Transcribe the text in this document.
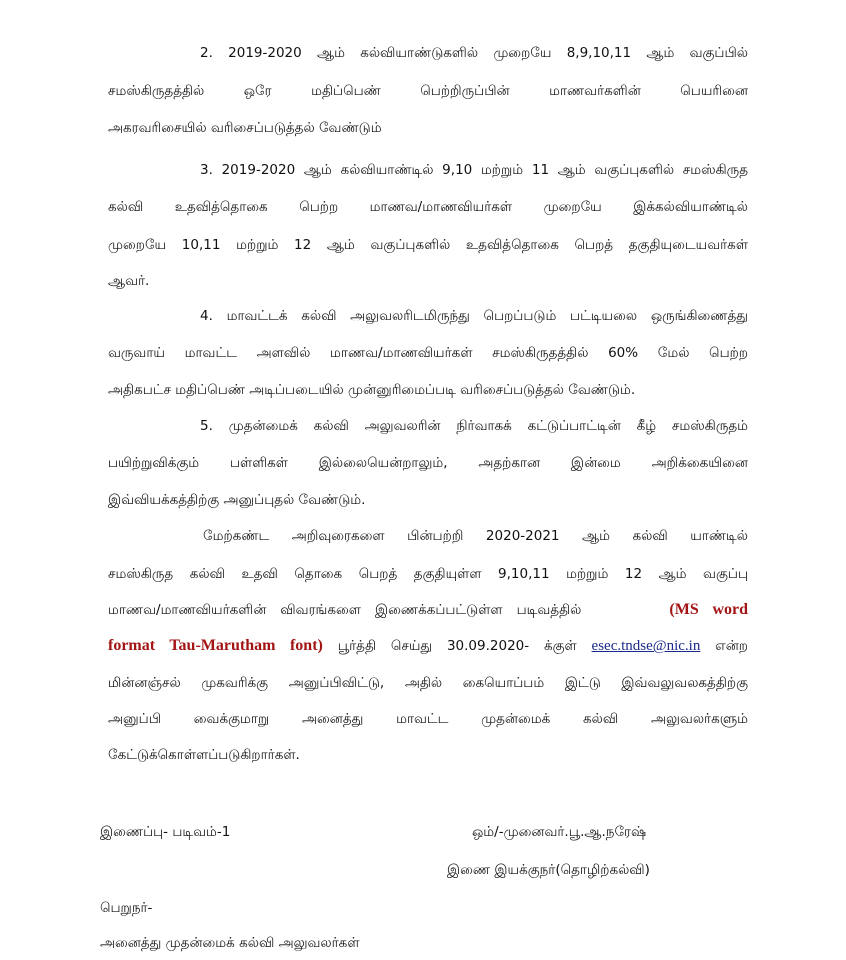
2. 2019-2020 ஆம் கல்வியாண்டுகளில் முறையே 8,9,10,11 ஆம் வகுப்பில்
சமஸ்கிருதத்தில் ஒரே மதிப்பெண் பெற்றிருப்பின் மாணவர்களின் பெயரினை
அகரவரிசையில் வரிசைப்படுத்தல் வேண்டும்
3. 2019-2020 ஆம் கல்வியாண்டில் 9,10 மற்றும் 11 ஆம் வகுப்புகளில் சமஸ்கிருத
கல்வி உதவித்தொகை பெற்ற மாணவ/மாணவியர்கள் முறையே இக்கல்வியாண்டில்
முறையே 10,11 மற்றும் 12 ஆம் வகுப்புகளில் உதவித்தொகை பெறத் தகுதியுடையவர்கள்
ஆவர்.
4. மாவட்டக் கல்வி அலுவலரிடமிருந்து பெறப்படும் பட்டியலை ஒருங்கிணைத்து
வருவாய் மாவட்ட அளவில் மாணவ/மாணவியர்கள் சமஸ்கிருதத்தில் 60% மேல் பெற்ற
அதிகபட்ச மதிப்பெண் அடிப்படையில் முன்னுரிமைப்படி வரிசைப்படுத்தல் வேண்டும்.
5. முதன்மைக் கல்வி அலுவலரின் நிர்வாகக் கட்டுப்பாட்டின் கீழ் சமஸ்கிருதம்
பயிற்றுவிக்கும் பள்ளிகள் இல்லையென்றாலும், அதற்கான இன்மை அறிக்கையினை
இவ்வியக்கத்திற்கு அனுப்புதல் வேண்டும்.
மேற்கண்ட அறிவுரைகளை பின்பற்றி 2020-2021 ஆம் கல்வி யாண்டில்
சமஸ்கிருத கல்வி உதவி தொகை பெறத் தகுதியுள்ள 9,10,11 மற்றும் 12 ஆம் வகுப்பு
மாணவ/மாணவியர்களின் விவரங்களை இணைக்கப்பட்டுள்ள படிவத்தில்	(MS word
format Tau-Marutham font) பூர்த்தி செய்து 30.09.2020- க்குள் esec.tndse@nic.in என்ற
மின்னஞ்சல் முகவரிக்கு அனுப்பிவிட்டு, அதில் கையொப்பம் இட்டு இவ்வலுவலகத்திற்கு
அனுப்பி வைக்குமாறு அனைத்து மாவட்ட முதன்மைக் கல்வி அலுவலர்களும்
கேட்டுக்கொள்ளப்படுகிறார்கள்.
இணைப்பு- படிவம்-1	ஒம்/-முனைவர்.பூ.ஆ.நரேஷ்
இணை இயக்குநர்(தொழிற்கல்வி)
பெறுநர்-
அனைத்து முதன்மைக் கல்வி அலுவலர்கள்
